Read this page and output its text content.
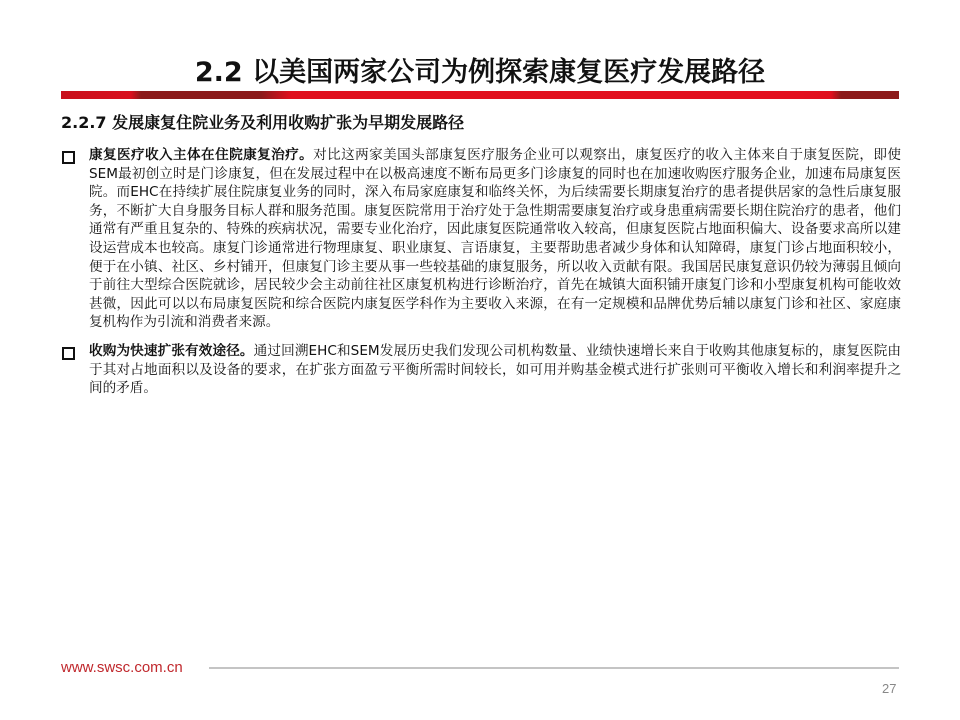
2.2 以美国两家公司为例探索康复医疗发展路径
2.2.7 发展康复住院业务及利用收购扩张为早期发展路径
康复医疗收入主体在住院康复治疗。对比这两家美国头部康复医疗服务企业可以观察出，康复医疗的收入主体来自于康复医院，即使SEM最初创立时是门诊康复，但在发展过程中在以极高速度不断布局更多门诊康复的同时也在加速收购医疗服务企业，加速布局康复医院。而EHC在持续扩展住院康复业务的同时，深入布局家庭康复和临终关怀，为后续需要长期康复治疗的患者提供居家的急性后康复服务，不断扩大自身服务目标人群和服务范围。康复医院常用于治疗处于急性期需要康复治疗或身患重病需要长期住院治疗的患者，他们通常有严重且复杂的、特殊的疾病状况，需要专业化治疗，因此康复医院通常收入较高，但康复医院占地面积偏大、设备要求高所以建设运营成本也较高。康复门诊通常进行物理康复、职业康复、言语康复，主要帮助患者减少身体和认知障碍，康复门诊占地面积较小，便于在小镇、社区、乡村铺开，但康复门诊主要从事一些较基础的康复服务，所以收入贡献有限。我国居民康复意识仍较为薄弱且倾向于前往大型综合医院就诊，居民较少会主动前往社区康复机构进行诊断治疗，首先在城镇大面积铺开康复门诊和小型康复机构可能收效甚微，因此可以以布局康复医院和综合医院内康复医学科作为主要收入来源，在有一定规模和品牌优势后辅以康复门诊和社区、家庭康复机构作为引流和消费者来源。
收购为快速扩张有效途径。通过回溯EHC和SEM发展历史我们发现公司机构数量、业绩快速增长来自于收购其他康复标的，康复医院由于其对占地面积以及设备的要求，在扩张方面盈亏平衡所需时间较长，如可用并购基金模式进行扩张则可平衡收入增长和利润率提升之间的矛盾。
www.swsc.com.cn
27
